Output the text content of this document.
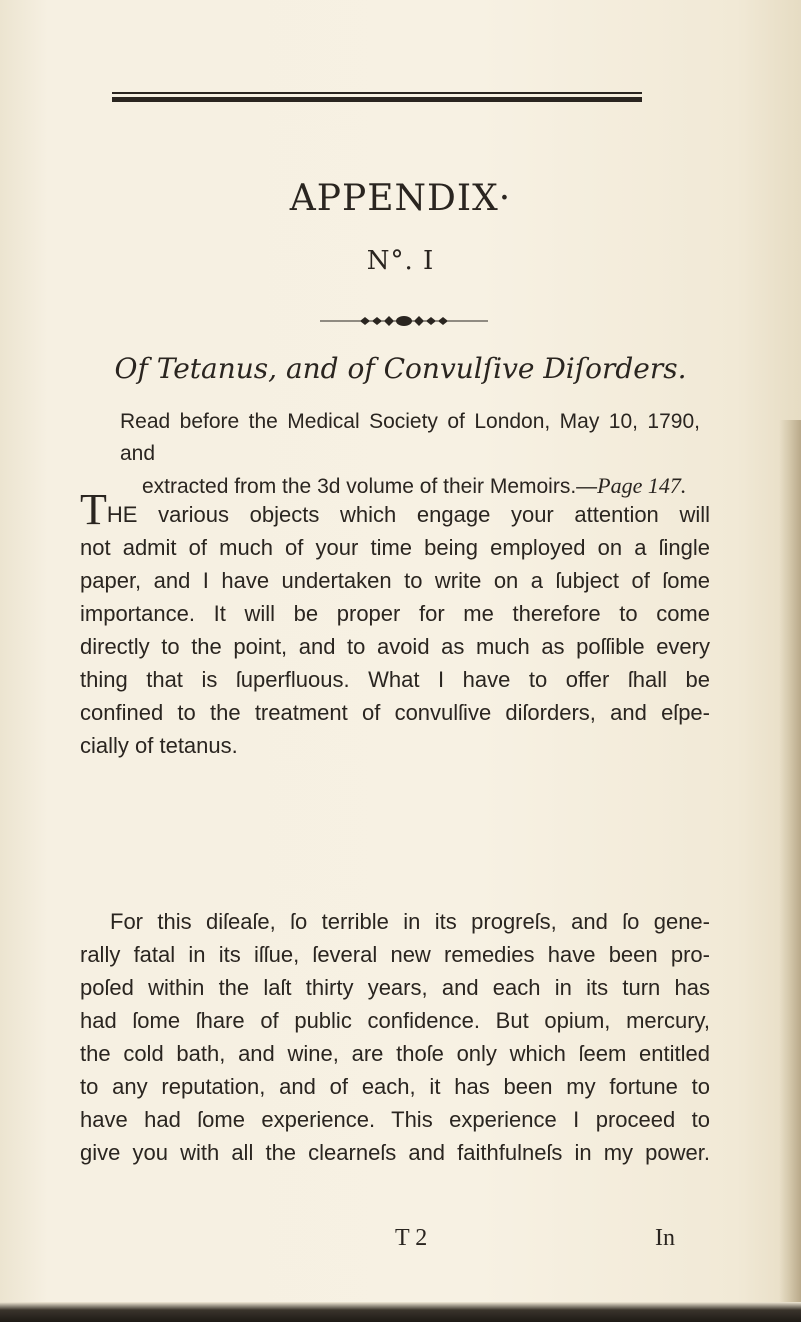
APPENDIX·
N°. I
Of Tetanus, and of Convulſive Diſorders.
Read before the Medical Society of London, May 10, 1790, and
extracted from the 3d volume of their Memoirs.—Page 147.
THE various objects which engage your attention will
not admit of much of your time being employed on a ſingle
paper, and I have undertaken to write on a ſubject of ſome
importance. It will be proper for me therefore to come
directly to the point, and to avoid as much as poſſible every
thing that is ſuperfluous. What I have to offer ſhall be
confined to the treatment of convulſive diſorders, and eſpe-
cially of tetanus.
For this diſeaſe, ſo terrible in its progreſs, and ſo gene-
rally fatal in its iſſue, ſeveral new remedies have been pro-
poſed within the laſt thirty years, and each in its turn has
had ſome ſhare of public confidence. But opium, mercury,
the cold bath, and wine, are thoſe only which ſeem entitled
to any reputation, and of each, it has been my fortune to
have had ſome experience. This experience I proceed to
give you with all the clearneſs and faithfulneſs in my power.
T 2	In
